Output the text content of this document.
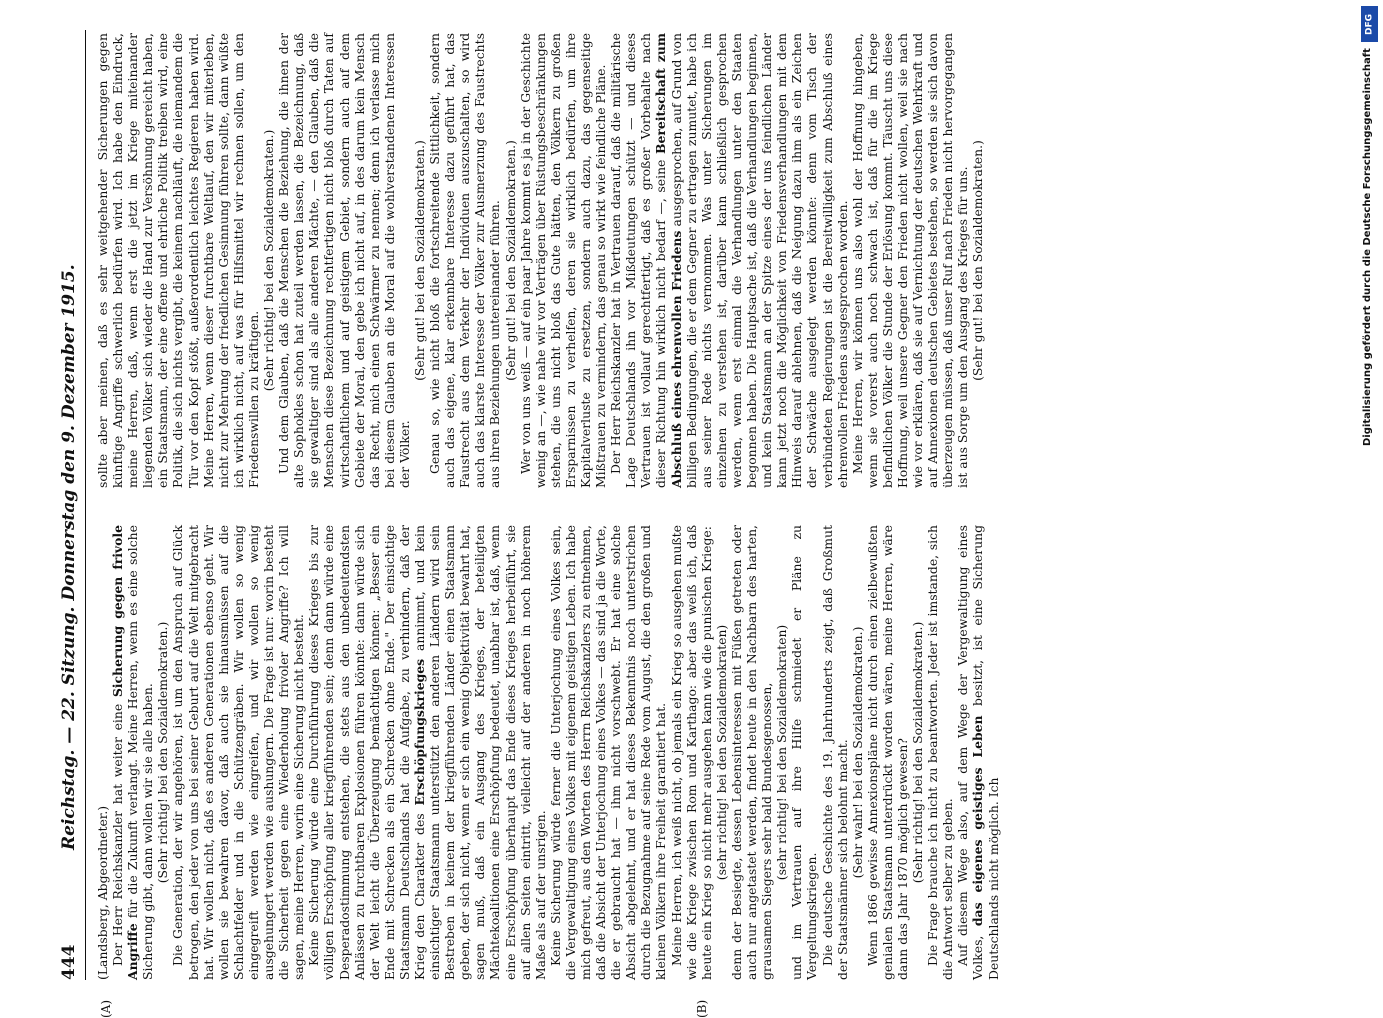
444
Reichstag. — 22. Sitzung. Donnerstag den 9. Dezember 1915.
(A)	(B)

(Landsberg, Abgeordneter.) Der Herr Reichskanzler hat weiter eine Sicherung gegen frivole Angriffe für die Zukunft verlangt. Meine Herren, wenn es eine solche Sicherung gibt, dann wollen wir sie alle haben. (Sehr richtig! bei den Sozialdemokraten.) Die Generation, der wir angehören, ist um den Anspruch auf Glück betrogen, den jeder von uns bei seiner Geburt auf die Welt mitgebracht hat. Wir wollen nicht, daß es anderen Generationen ebenso geht. Wir wollen sie bewahren davor, daß auch sie hinausmüssen auf die Schlachtfelder und in die Schützengräben. Wir wollen so wenig eingegreift werden wie eingreifen, und wir wollen so wenig ausgehungert werden wie aushungern. Die Frage ist nur: worin besteht die Sicherheit gegen eine Wiederholung frivoler Angriffe? Ich will sagen, meine Herren, worin eine Sicherung nicht besteht. Keine Sicherung würde eine Durchführung dieses Krieges bis zur völligen Erschöpfung aller kriegführenden sein; denn dann würde eine Desperadostimmung entstehen, die stets aus den unbedeutendsten Anlässen zu furchtbaren Explosionen führen könnte: dann würde sich der Welt leicht die Überzeugung bemächtigen können: „Besser ein Ende mit Schrecken als ein Schrecken ohne Ende." Der einsichtige Staatsmann Deutschlands hat die Aufgabe, zu verhindern, daß der Krieg den Charakter des Erschöpfungskrieges annimmt, und kein einsichtiger Staatsmann unterstützt den anderen Ländern wird sein Bestreben in keinem der kriegführenden Länder einen Staatsmann geben, der sich nicht, wenn er sich ein wenig Objektivität bewahrt hat, sagen muß, daß ein Ausgang des Krieges, der beteiligten Mächtekoalitionen eine Erschöpfung bedeutet, unabhar ist, daß, wenn eine Erschöpfung überhaupt das Ende dieses Krieges herbeiführt, sie auf allen Seiten eintritt, vielleicht auf der anderen in noch höherem Maße als auf der unsrigen. Keine Sicherung würde ferner die Unterjochung eines Volkes sein, die Vergewaltigung eines Volkes mit eigenem geistigen Leben. Ich habe mich gefreut, aus den Worten des Herrn Reichskanzlers zu entnehmen, daß die Absicht der Unterjochung eines Volkes — das sind ja die Worte, die er gebraucht hat — ihm nicht vorschwebt. Er hat eine solche Absicht abgelehnt, und er hat dieses Bekenntnis noch unterstrichen durch die Bezugnahme auf seine Rede vom August, die den großen und kleinen Völkern ihre Freiheit garantiert hat. Meine Herren, ich weiß nicht, ob jemals ein Krieg so ausgehen mußte wie die Kriege zwischen Rom und Karthago: aber das weiß ich, daß heute ein Krieg so nicht mehr ausgehen kann wie die punischen Kriege: (sehr richtig! bei den Sozialdemokraten) denn der Besiegte, dessen Lebensinteressen mit Füßen getreten oder auch nur angetastet werden, findet heute in den Nachbarn des harten, grausamen Siegers sehr bald Bundesgenossen, (sehr richtig! bei den Sozialdemokraten) und im Vertrauen auf ihre Hilfe schmiedet er Pläne zu Vergeltungskriegen. Die deutsche Geschichte des 19. Jahrhunderts zeigt, daß Großmut der Staatsmänner sich belohnt macht. (Sehr wahr! bei den Sozialdemokraten.) Wenn 1866 gewisse Annexionspläne nicht durch einen zielbewußten genialen Staatsmann unterdrückt worden wären, meine Herren, wäre dann das Jahr 1870 möglich gewesen? (Sehr richtig! bei den Sozialdemokraten.) Die Frage brauche ich nicht zu beantworten. Jeder ist imstande, sich die Antwort selber zu geben. Auf diesem Wege also, auf dem Wege der Vergewaltigung eines Volkes, das eigenes geistiges Leben besitzt, ist eine Sicherung Deutschlands nicht möglich. Ich

sollte aber meinen, daß es sehr weitgehender Sicherungen gegen künftige Angriffe schwerlich bedürfen wird. Ich habe den Eindruck, meine Herren, daß, wenn erst die jetzt im Kriege miteinander liegenden Völker sich wieder die Hand zur Versöhnung gereicht haben, ein Staatsmann, der eine offene und ehrliche Politik treiben wird, eine Politik, die sich nichts vergibt, die keinem nachläuft, die niemandem die Tür vor den Kopf stößt, außerordentlich leichtes Regieren haben wird. Meine Herren, wenn dieser furchtbare Weltlauf, den wir miterleben, nicht zur Mehrung der friedlichen Gesinnung führen sollte, dann wüßte ich wirklich nicht, auf was für Hilfsmittel wir rechnen sollen, um den Friedenswillen zu kräftigen.

(Sehr richtig! bei den Sozialdemokraten.) Und dem Glauben, daß die Menschen die Beziehung, die ihnen der alte Sophokles schon hat zuteil werden lassen, die Bezeichnung, daß sie gewaltiger sind als alle anderen Mächte, — den Glauben, daß die Menschen diese Bezeichnung rechtfertigen nicht bloß durch Taten auf wirtschaftlichem und auf geistigem Gebiet, sondern auch auf dem Gebiete der Moral, den gebe ich nicht auf, in des darum kein Mensch das Recht, mich einen Schwärmer zu nennen; denn ich verlasse mich bei diesem Glauben an die Moral auf die wohlverstandenen Interessen der Völker.

(Sehr gut! bei den Sozialdemokraten.) Genau so, wie nicht bloß die fortschreitende Sittlichkeit, sondern auch das eigene, klar erkennbare Interesse dazu geführt hat, das Faustrecht aus dem Verkehr der Individuen auszuschalten, so wird auch das klarste Interesse der Völker zur Ausmerzung des Faustrechts aus ihren Beziehungen untereinander führen. (Sehr gut! bei den Sozialdemokraten.) Wer von uns weiß — auf ein paar Jahre kommt es ja in der Geschichte wenig an —, wie nahe wir vor Verträgen über Rüstungsbeschränkungen stehen, die uns nicht bloß das Gute hätten, den Völkern zu großen Ersparnissen zu verhelfen, deren sie wirklich bedürfen, um ihre Kapitalverluste zu ersetzen, sondern auch dazu, das gegenseitige Mißtrauen zu vermindern, das genau so wirkt wie feindliche Pläne. Der Herr Reichskanzler hat in Vertrauen darauf, daß die militärische Lage Deutschlands ihn vor Mißdeutungen schützt — und dieses Vertrauen ist vollauf gerechtfertigt, daß es großer Vorbehalte nach dieser Richtung hin wirklich nicht bedarf —, seine Bereitschaft zum Abschluß eines ehrenvollen Friedens ausgesprochen, auf Grund von billigen Bedingungen, die er dem Gegner zu ertragen zumutet, habe ich aus seiner Rede nichts vernommen. Was unter Sicherungen im einzelnen zu verstehen ist, darüber kann schließlich gesprochen werden, wenn erst einmal die Verhandlungen unter den Staaten begonnen haben. Die Hauptsache ist, daß die Verhandlungen beginnen, und kein Staatsmann an der Spitze eines der uns feindlichen Länder kann jetzt noch die Möglichkeit von Friedensverhandlungen mit dem Hinweis darauf ablehnen, daß die Neigung dazu ihm als ein Zeichen der Schwäche ausgelegt werden könnte: denn vom Tisch der verbündeten Regierungen ist die Bereitwilligkeit zum Abschluß eines ehrenvollen Friedens ausgesprochen worden. Meine Herren, wir können uns also wohl der Hoffnung hingeben, wenn sie vorerst auch noch schwach ist, daß für die im Kriege befindlichen Völker die Stunde der Erlösung kommt. Täuscht uns diese Hoffnung, weil unsere Gegner den Frieden nicht wollen, weil sie nach wie vor erklären, daß sie auf Vernichtung der deutschen Wehrkraft und auf Annexionen deutschen Gebietes bestehen, so werden sie sich davon überzeugen müssen, daß unser Ruf nach Frieden nicht hervorgegangen ist aus Sorge um den Ausgang des Krieges für uns. (Sehr gut! bei den Sozialdemokraten.)

DFG
Digitalisierung gefördert durch die Deutsche Forschungsgemeinschaft
